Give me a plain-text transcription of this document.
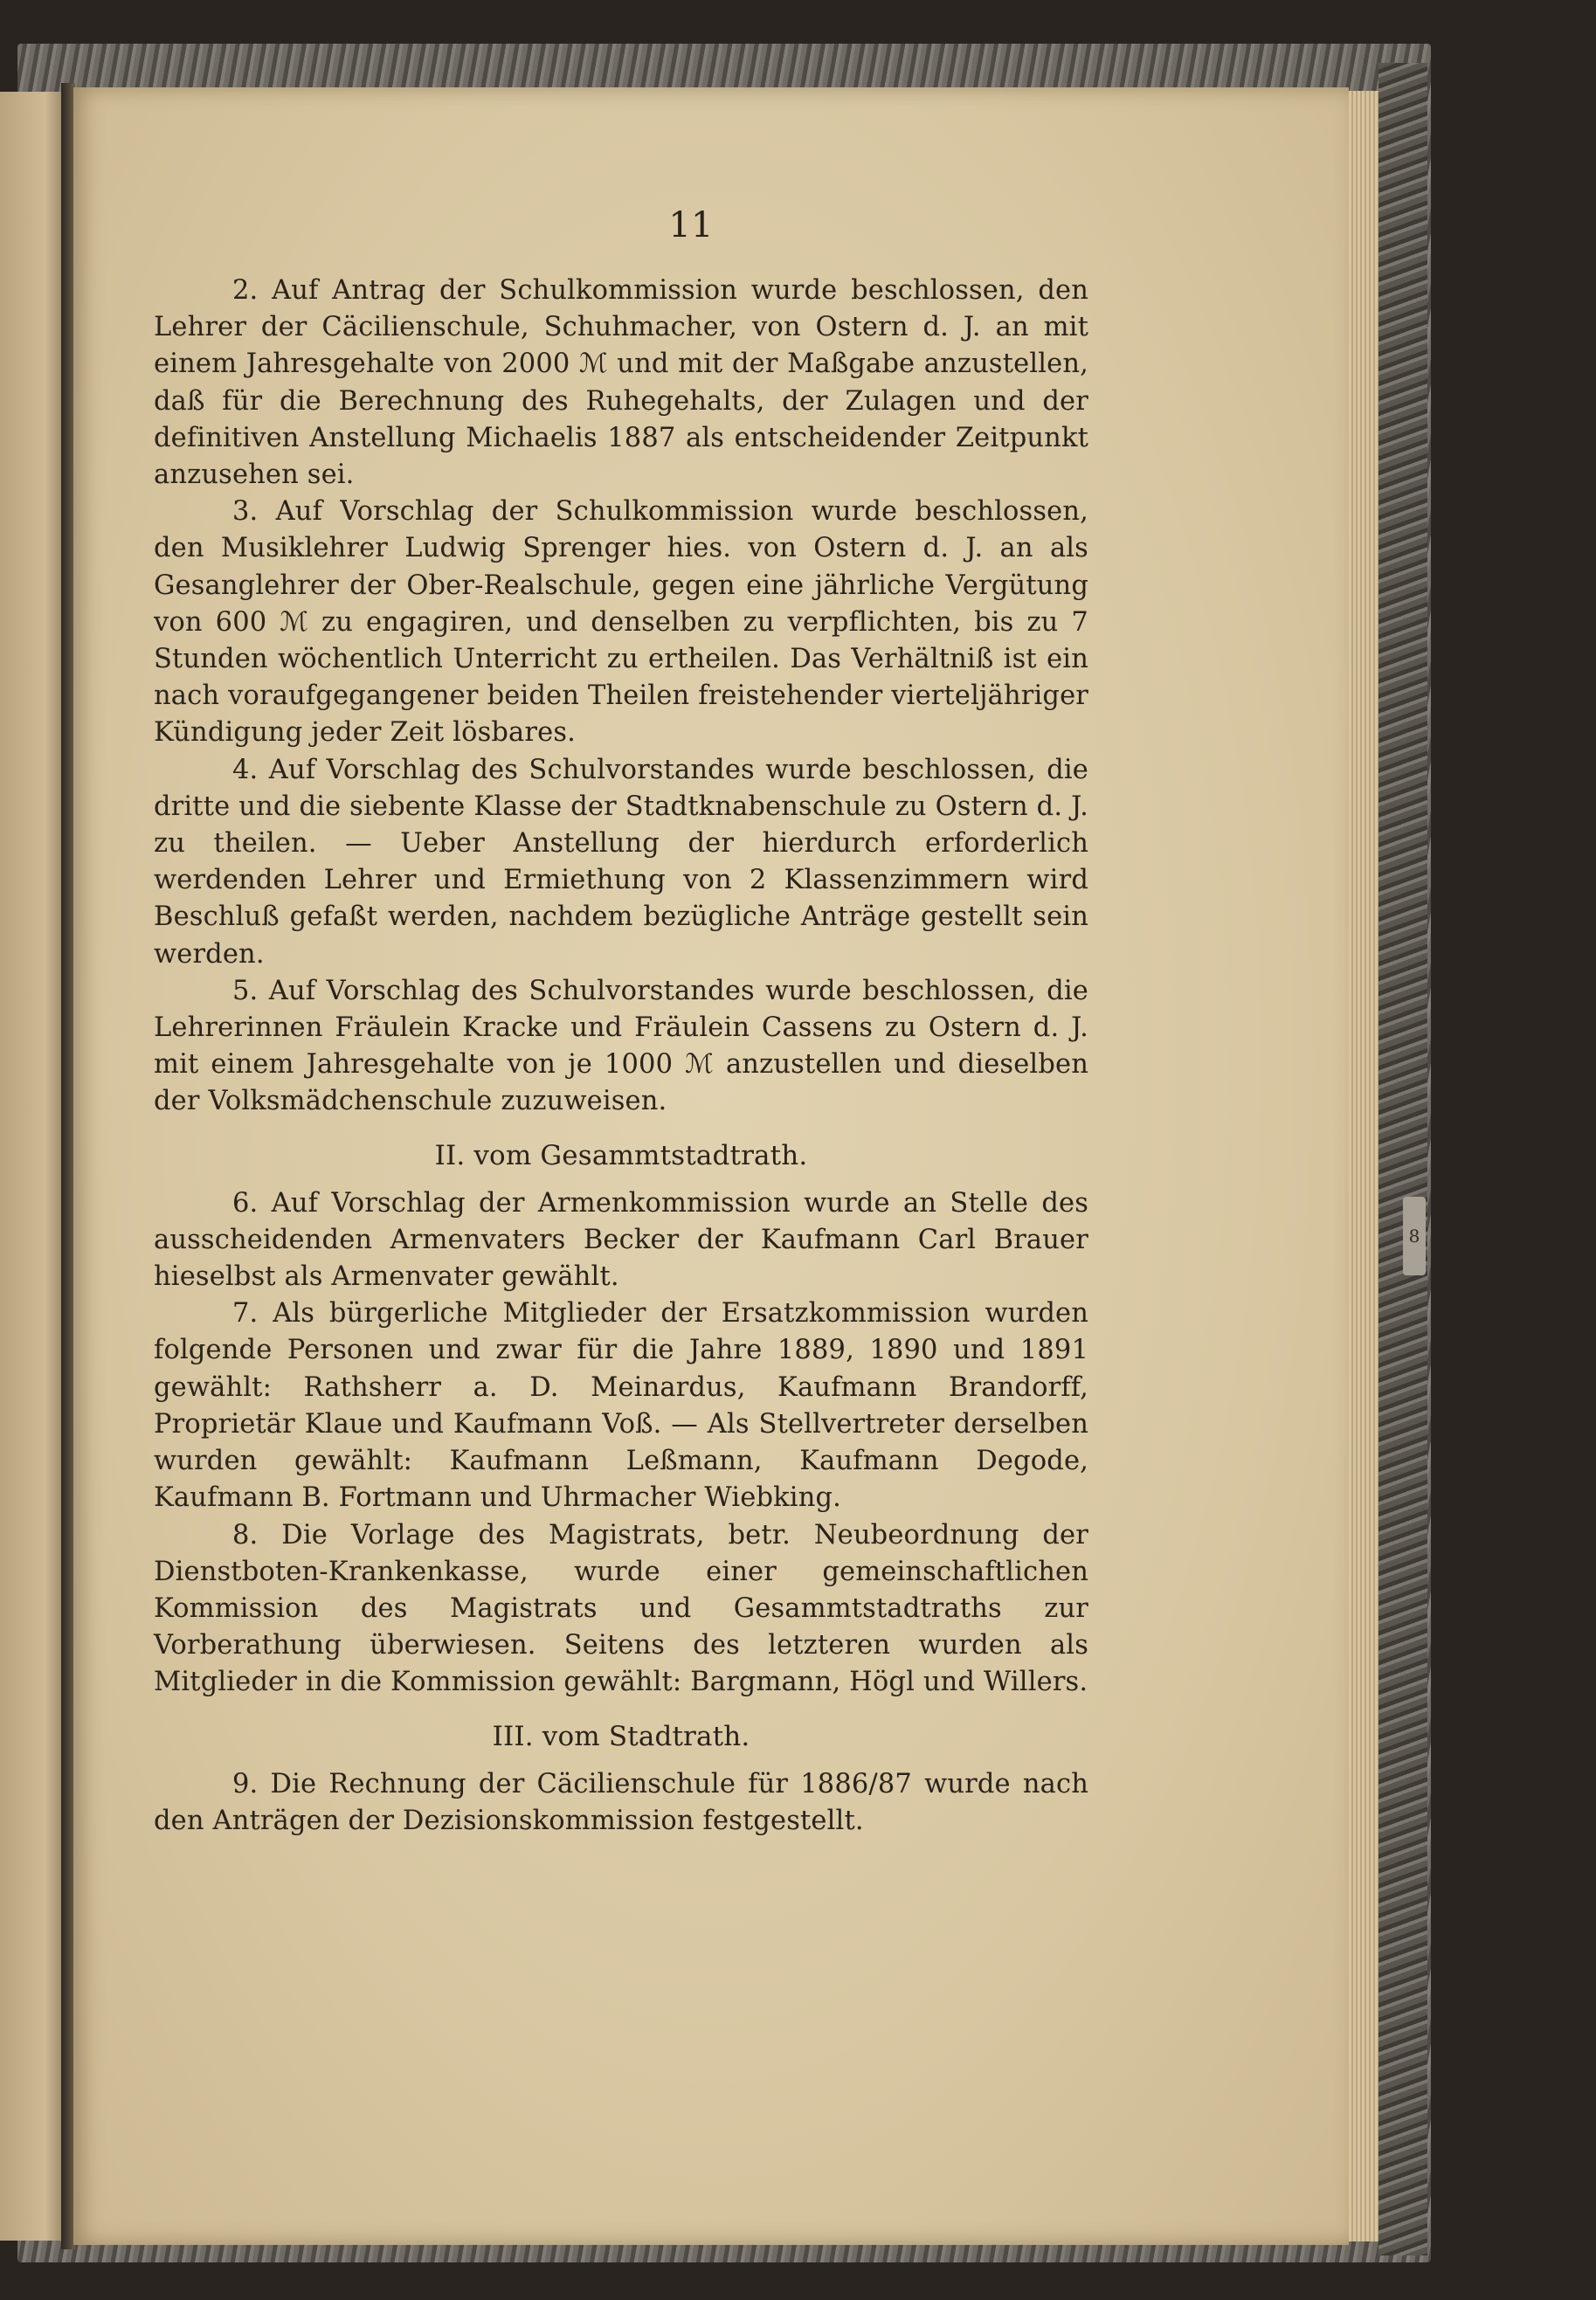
8
11

2. Auf Antrag der Schulkommission wurde beschlossen, den Lehrer der Cäcilienschule, Schuhmacher, von Ostern d. J. an mit einem Jahresgehalte von 2000 ℳ und mit der Maßgabe anzustellen, daß für die Berechnung des Ruhegehalts, der Zulagen und der definitiven Anstellung Michaelis 1887 als entscheidender Zeitpunkt anzusehen sei.

3. Auf Vorschlag der Schulkommission wurde beschlossen, den Musiklehrer Ludwig Sprenger hies. von Ostern d. J. an als Gesanglehrer der Ober-Realschule, gegen eine jährliche Vergütung von 600 ℳ zu engagiren, und denselben zu verpflichten, bis zu 7 Stunden wöchentlich Unterricht zu ertheilen. Das Verhältniß ist ein nach voraufgegangener beiden Theilen freistehender vierteljähriger Kündigung jeder Zeit lösbares.

4. Auf Vorschlag des Schulvorstandes wurde beschlossen, die dritte und die siebente Klasse der Stadtknabenschule zu Ostern d. J. zu theilen. — Ueber Anstellung der hierdurch erforderlich werdenden Lehrer und Ermiethung von 2 Klassenzimmern wird Beschluß gefaßt werden, nachdem bezügliche Anträge gestellt sein werden.

5. Auf Vorschlag des Schulvorstandes wurde beschlossen, die Lehrerinnen Fräulein Kracke und Fräulein Cassens zu Ostern d. J. mit einem Jahresgehalte von je 1000 ℳ anzustellen und dieselben der Volksmädchenschule zuzuweisen.

II. vom Gesammtstadtrath.

6. Auf Vorschlag der Armenkommission wurde an Stelle des ausscheidenden Armenvaters Becker der Kaufmann Carl Brauer hieselbst als Armenvater gewählt.

7. Als bürgerliche Mitglieder der Ersatzkommission wurden folgende Personen und zwar für die Jahre 1889, 1890 und 1891 gewählt: Rathsherr a. D. Meinardus, Kaufmann Brandorff, Proprietär Klaue und Kaufmann Voß. — Als Stellvertreter derselben wurden gewählt: Kaufmann Leßmann, Kaufmann Degode, Kaufmann B. Fortmann und Uhrmacher Wiebking.

8. Die Vorlage des Magistrats, betr. Neubeordnung der Dienstboten-Krankenkasse, wurde einer gemeinschaftlichen Kommission des Magistrats und Gesammtstadtraths zur Vorberathung überwiesen. Seitens des letzteren wurden als Mitglieder in die Kommission gewählt: Bargmann, Högl und Willers.

III. vom Stadtrath.

9. Die Rechnung der Cäcilienschule für 1886/87 wurde nach den Anträgen der Dezisionskommission festgestellt.
